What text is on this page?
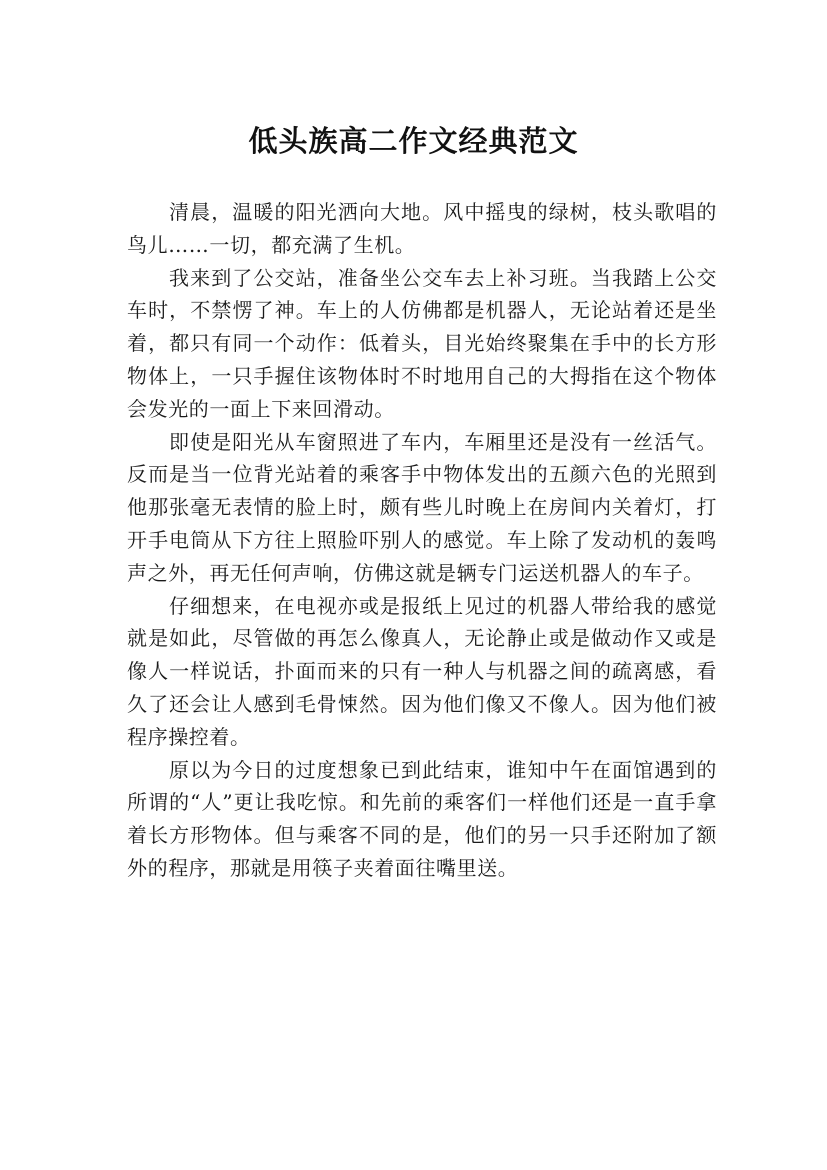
低头族高二作文经典范文

清晨，温暖的阳光洒向大地。风中摇曳的绿树，枝头歌唱的鸟儿……一切，都充满了生机。

我来到了公交站，准备坐公交车去上补习班。当我踏上公交车时，不禁愣了神。车上的人仿佛都是机器人，无论站着还是坐着，都只有同一个动作：低着头，目光始终聚集在手中的长方形物体上，一只手握住该物体时不时地用自己的大拇指在这个物体会发光的一面上下来回滑动。

即使是阳光从车窗照进了车内，车厢里还是没有一丝活气。反而是当一位背光站着的乘客手中物体发出的五颜六色的光照到他那张毫无表情的脸上时，颇有些儿时晚上在房间内关着灯，打开手电筒从下方往上照脸吓别人的感觉。车上除了发动机的轰鸣声之外，再无任何声响，仿佛这就是辆专门运送机器人的车子。

仔细想来，在电视亦或是报纸上见过的机器人带给我的感觉就是如此，尽管做的再怎么像真人，无论静止或是做动作又或是像人一样说话，扑面而来的只有一种人与机器之间的疏离感，看久了还会让人感到毛骨悚然。因为他们像又不像人。因为他们被程序操控着。

原以为今日的过度想象已到此结束，谁知中午在面馆遇到的所谓的“人”更让我吃惊。和先前的乘客们一样他们还是一直手拿着长方形物体。但与乘客不同的是，他们的另一只手还附加了额外的程序，那就是用筷子夹着面往嘴里送。
